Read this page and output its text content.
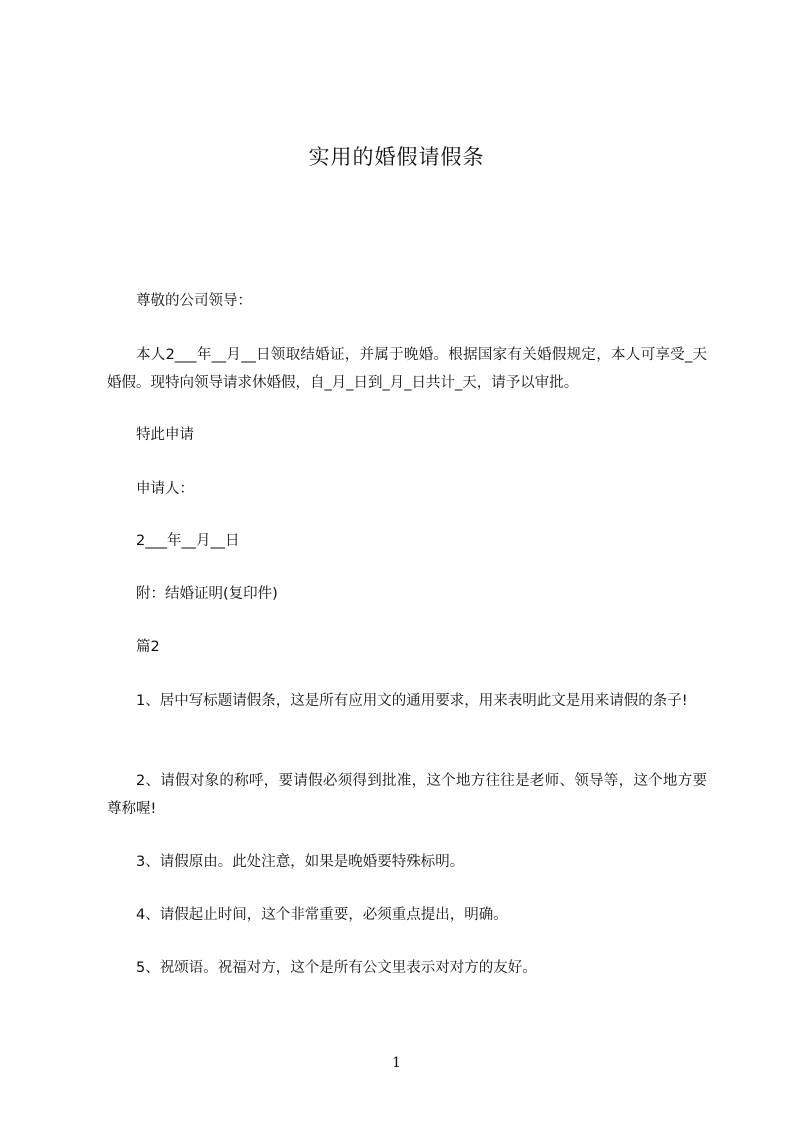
实用的婚假请假条
尊敬的公司领导：
本人2___年__月__日领取结婚证，并属于晚婚。根据国家有关婚假规定，本人可享受_天婚假。现特向领导请求休婚假，自_月_日到_月_日共计_天，请予以审批。
特此申请
申请人：
2___年__月__日
附：结婚证明(复印件)
篇2
1、居中写标题请假条，这是所有应用文的通用要求，用来表明此文是用来请假的条子!
2、请假对象的称呼，要请假必须得到批准，这个地方往往是老师、领导等，这个地方要尊称喔!
3、请假原由。此处注意，如果是晚婚要特殊标明。
4、请假起止时间，这个非常重要，必须重点提出，明确。
5、祝颂语。祝福对方，这个是所有公文里表示对对方的友好。
1
